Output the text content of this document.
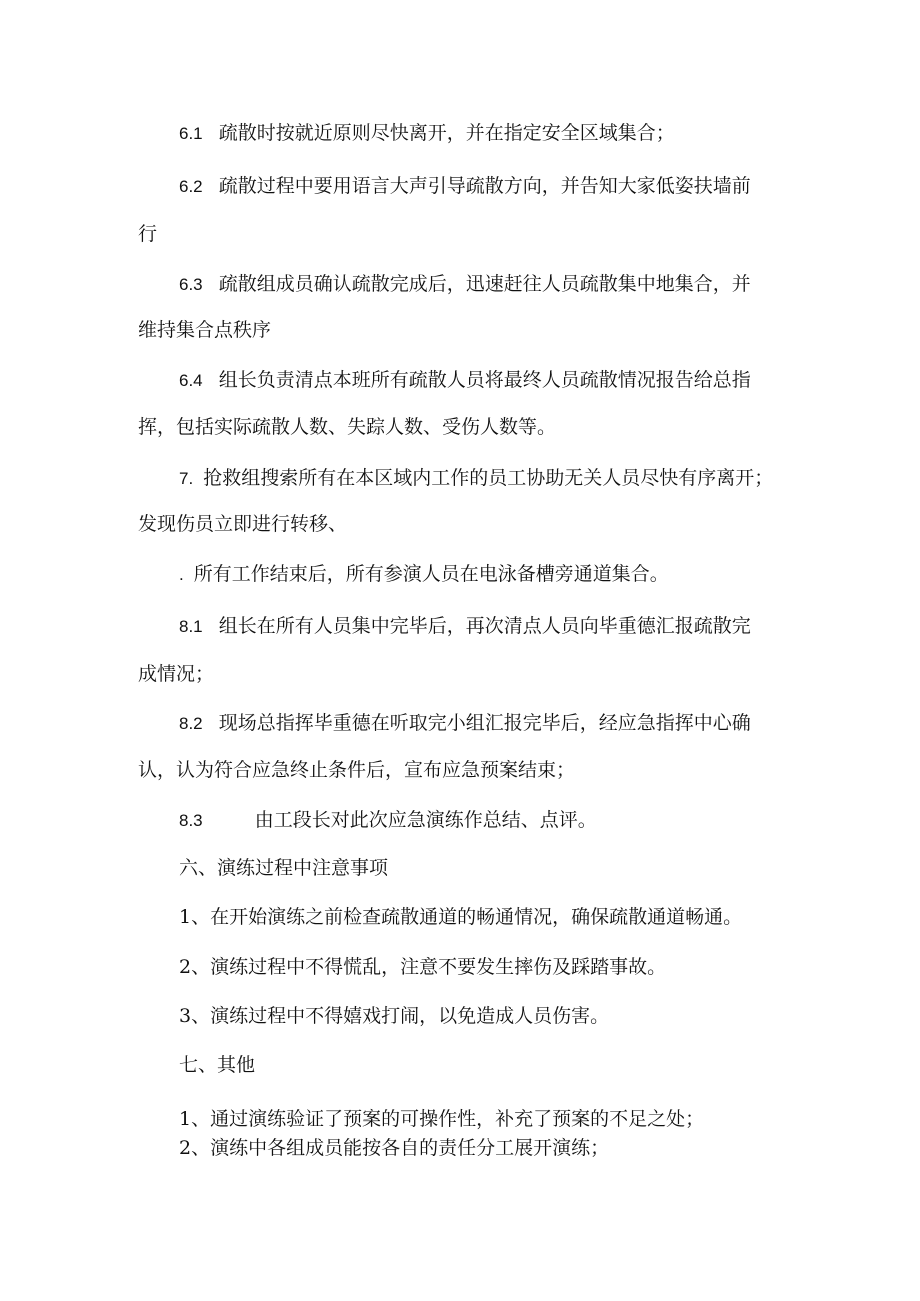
6.1 疏散时按就近原则尽快离开，并在指定安全区域集合；
6.2 疏散过程中要用语言大声引导疏散方向，并告知大家低姿扶墙前
行
6.3 疏散组成员确认疏散完成后，迅速赶往人员疏散集中地集合，并
维持集合点秩序
6.4 组长负责清点本班所有疏散人员将最终人员疏散情况报告给总指
挥，包括实际疏散人数、失踪人数、受伤人数等。
7. 抢救组搜索所有在本区域内工作的员工协助无关人员尽快有序离开；
发现伤员立即进行转移、
. 所有工作结束后，所有参演人员在电泳备槽旁通道集合。
8.1 组长在所有人员集中完毕后，再次清点人员向毕重德汇报疏散完
成情况；
8.2 现场总指挥毕重德在听取完小组汇报完毕后，经应急指挥中心确
认，认为符合应急终止条件后，宣布应急预案结束；
8.3	由工段长对此次应急演练作总结、点评。
六、演练过程中注意事项
1、在开始演练之前检查疏散通道的畅通情况，确保疏散通道畅通。
2、演练过程中不得慌乱，注意不要发生摔伤及踩踏事故。
3、演练过程中不得嬉戏打闹，以免造成人员伤害。
七、其他
1、通过演练验证了预案的可操作性，补充了预案的不足之处；
2、演练中各组成员能按各自的责任分工展开演练；
